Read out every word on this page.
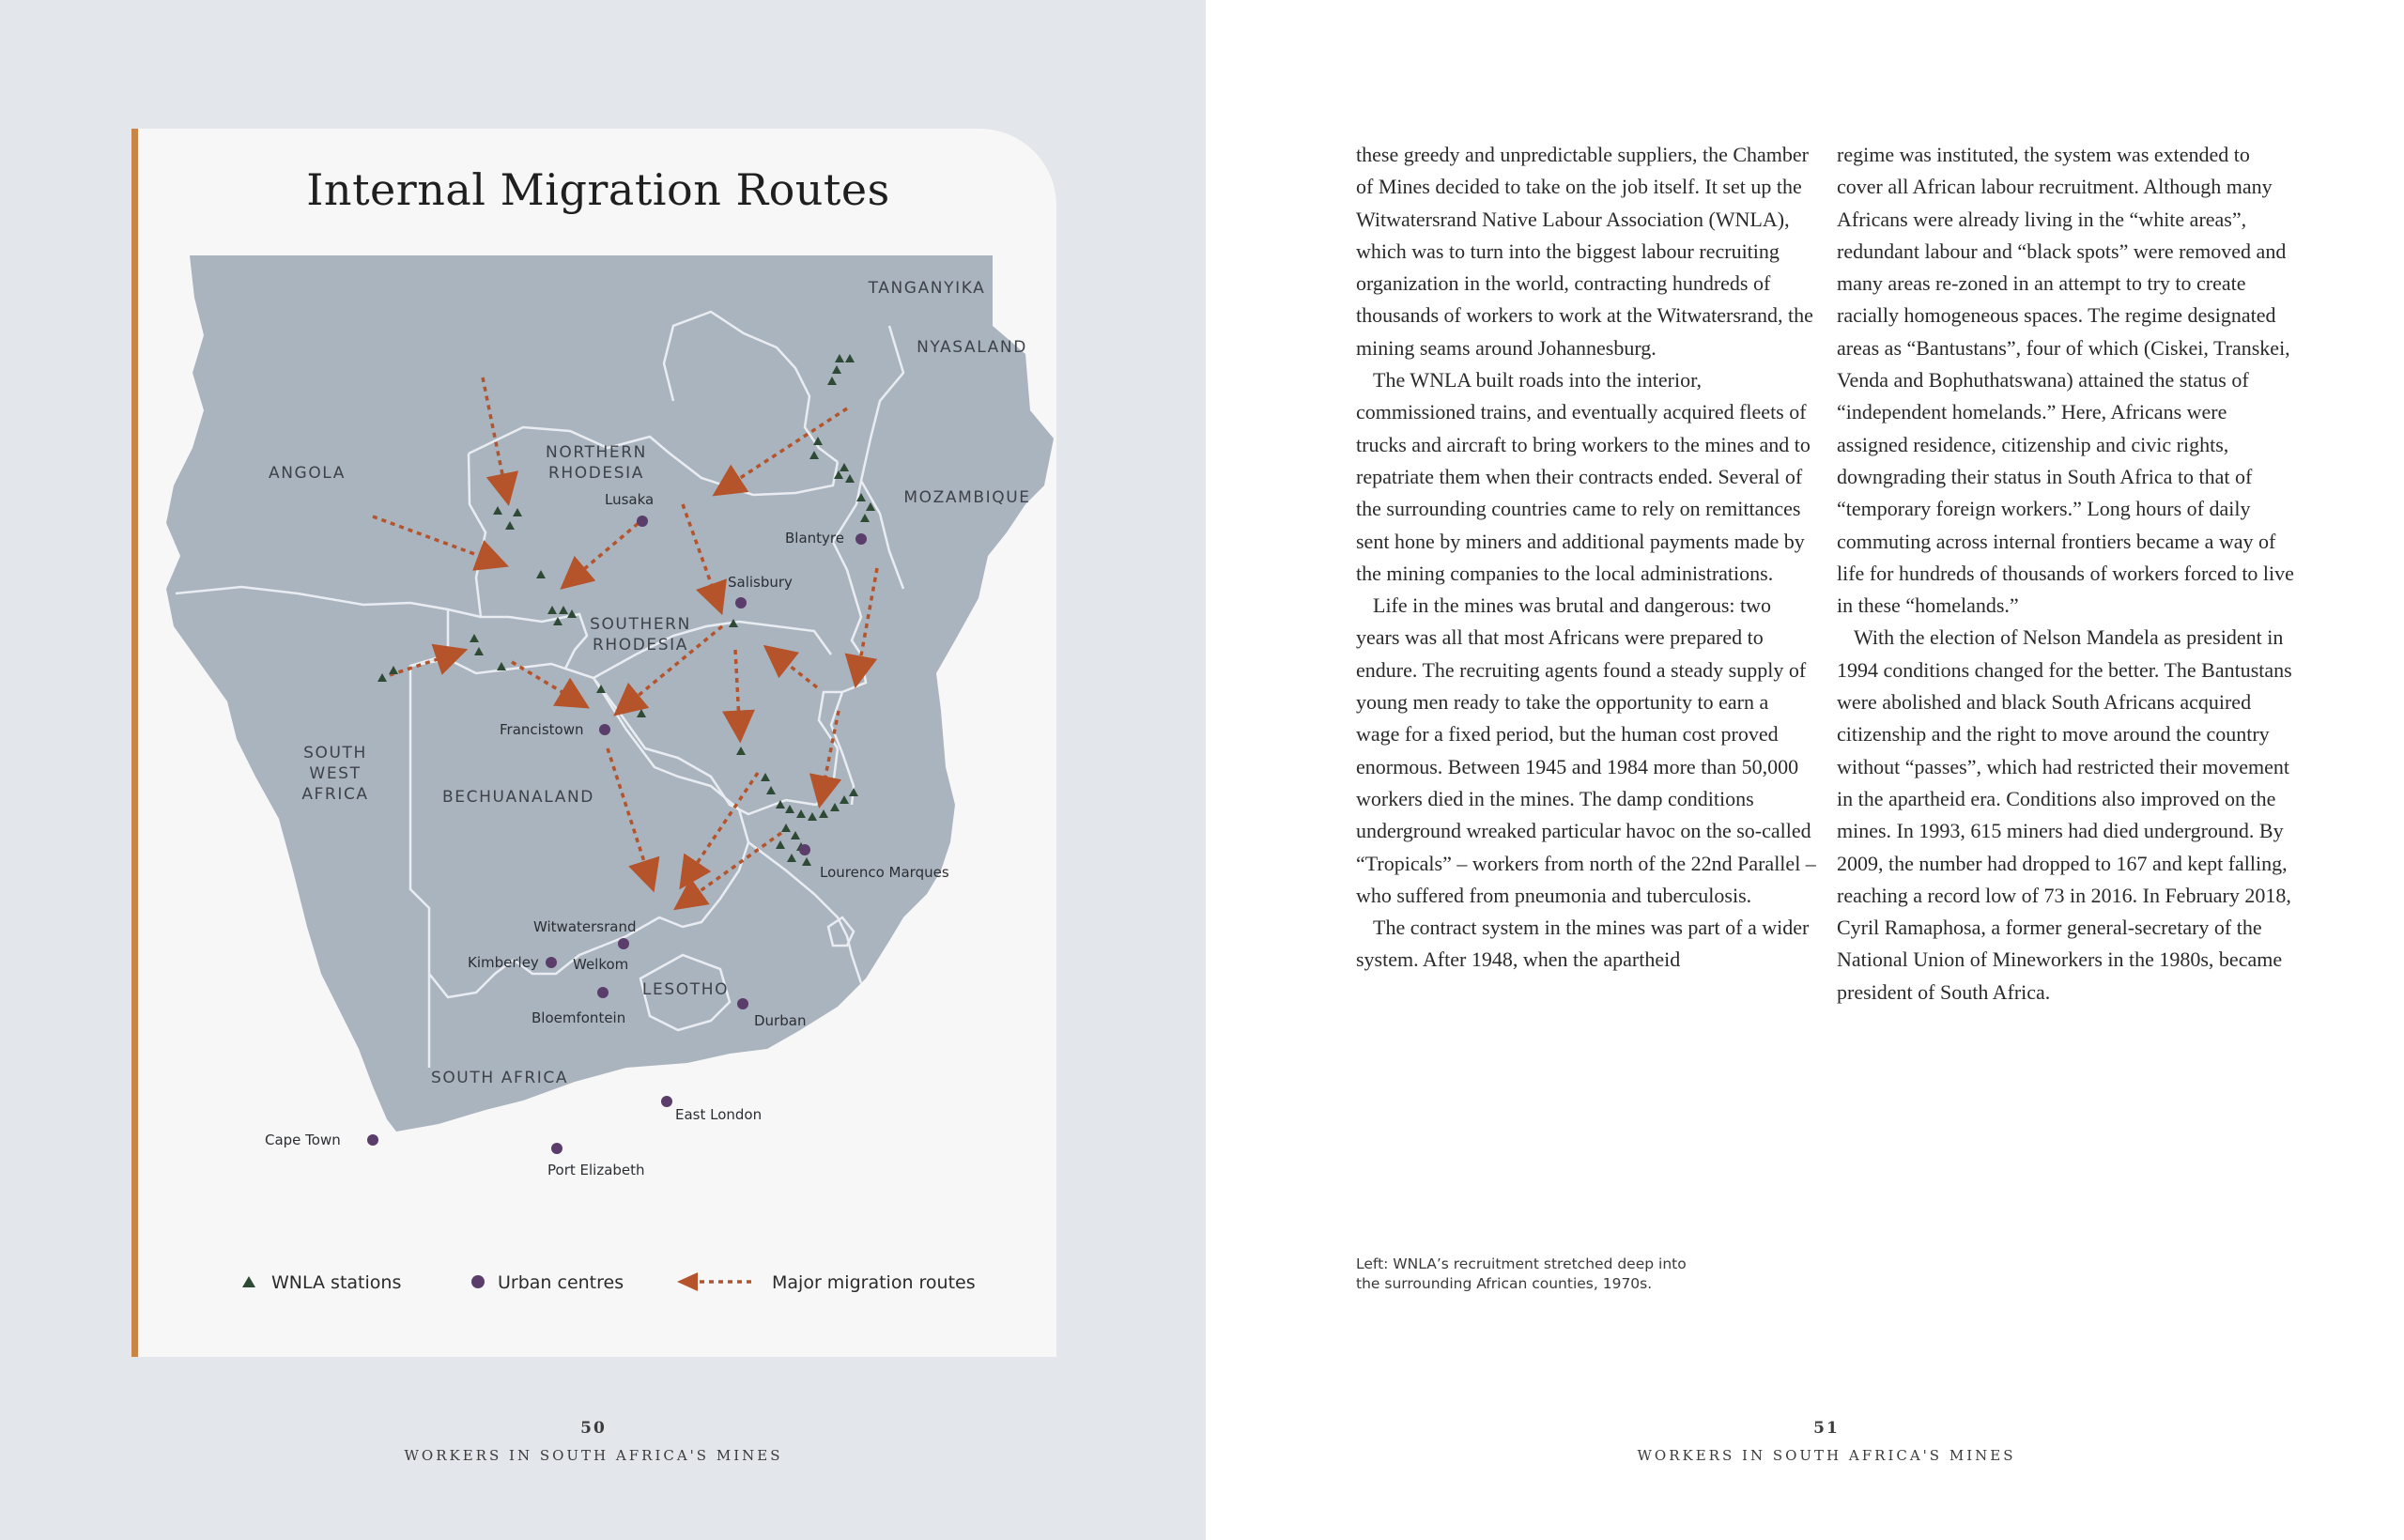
Internal Migration Routes
TANGANYIKA
NYASALAND
ANGOLA
NORTHERN
RHODESIA
MOZAMBIQUE
SOUTHERN
RHODESIA
SOUTH
WEST
AFRICA	BECHUANALAND
LESOTHO
SOUTH AFRICA
Lusaka
Blantyre
Salisbury
Francistown
Lourenco Marques
Witwatersrand
Kimberley Welkom
Bloemfontein	Durban
Cape Town
East London
Port Elizabeth
WNLA stations	Urban centres	Major migration routes
50
WORKERS IN SOUTH AFRICA'S MINES

these greedy and unpredictable suppliers, the Chamber of Mines decided to take on the job itself. It set up the Witwatersrand Native Labour Association (WNLA), which was to turn into the biggest labour recruiting organization in the world, contracting hundreds of thousands of workers to work at the Witwatersrand, the mining seams around Johannesburg.

The WNLA built roads into the interior, commissioned trains, and eventually acquired fleets of trucks and aircraft to bring workers to the mines and to repatriate them when their contracts ended. Several of the surrounding countries came to rely on remittances sent hone by miners and additional payments made by the mining companies to the local administrations.

Life in the mines was brutal and dangerous: two years was all that most Africans were prepared to endure. The recruiting agents found a steady supply of young men ready to take the opportunity to earn a wage for a fixed period, but the human cost proved enormous. Between 1945 and 1984 more than 50,000 workers died in the mines. The damp conditions underground wreaked particular havoc on the so-called “Tropicals” – workers from north of the 22nd Parallel – who suffered from pneumonia and tuberculosis.

The contract system in the mines was part of a wider system. After 1948, when the apartheid

regime was instituted, the system was extended to cover all African labour recruitment. Although many Africans were already living in the “white areas”, redundant labour and “black spots” were removed and many areas re-zoned in an attempt to try to create racially homogeneous spaces. The regime designated areas as “Bantustans”, four of which (Ciskei, Transkei, Venda and Bophuthatswana) attained the status of “independent homelands.” Here, Africans were assigned residence, citizenship and civic rights, downgrading their status in South Africa to that of “temporary foreign workers.” Long hours of daily commuting across internal frontiers became a way of life for hundreds of thousands of workers forced to live in these “homelands.”

With the election of Nelson Mandela as president in 1994 conditions changed for the better. The Bantustans were abolished and black South Africans acquired citizenship and the right to move around the country without “passes”, which had restricted their movement in the apartheid era. Conditions also improved on the mines. In 1993, 615 miners had died underground. By 2009, the number had dropped to 167 and kept falling, reaching a record low of 73 in 2016. In February 2018, Cyril Ramaphosa, a former general-secretary of the National Union of Mineworkers in the 1980s, became president of South Africa.

Left: WNLA’s recruitment stretched deep into
the surrounding African counties, 1970s.
51
WORKERS IN SOUTH AFRICA'S MINES
